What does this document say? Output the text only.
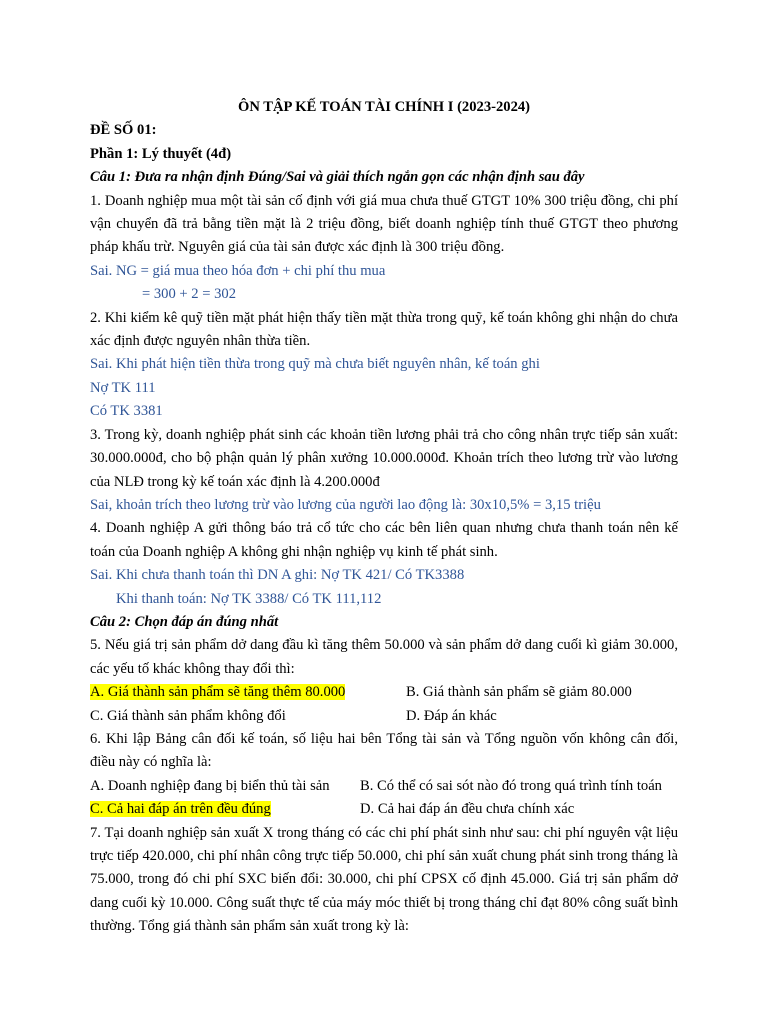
ÔN TẬP KẾ TOÁN TÀI CHÍNH I (2023-2024)

ĐỀ SỐ 01:

Phần 1: Lý thuyết (4đ)

Câu 1: Đưa ra nhận định Đúng/Sai và giải thích ngắn gọn các nhận định sau đây

1. Doanh nghiệp mua một tài sản cố định với giá mua chưa thuế GTGT 10% 300 triệu đồng, chi phí vận chuyển đã trả bằng tiền mặt là 2 triệu đồng, biết doanh nghiệp tính thuế GTGT theo phương pháp khấu trừ. Nguyên giá của tài sản được xác định là 300 triệu đồng.

Sai. NG = giá mua theo hóa đơn + chi phí thu mua

= 300 + 2 = 302

2. Khi kiểm kê quỹ tiền mặt phát hiện thấy tiền mặt thừa trong quỹ, kế toán không ghi nhận do chưa xác định được nguyên nhân thừa tiền.

Sai. Khi phát hiện tiền thừa trong quỹ mà chưa biết nguyên nhân, kế toán ghi

Nợ TK 111

Có TK 3381

3. Trong kỳ, doanh nghiệp phát sinh các khoản tiền lương phải trả cho công nhân trực tiếp sản xuất: 30.000.000đ, cho bộ phận quản lý phân xưởng 10.000.000đ. Khoản trích theo lương trừ vào lương của NLĐ trong kỳ kế toán xác định là 4.200.000đ

Sai, khoản trích theo lương trừ vào lương của người lao động là: 30x10,5% = 3,15 triệu

4. Doanh nghiệp A gửi thông báo trả cổ tức cho các bên liên quan nhưng chưa thanh toán nên kế toán của Doanh nghiệp A không ghi nhận nghiệp vụ kinh tế phát sinh.

Sai. Khi chưa thanh toán thì DN A ghi: Nợ TK 421/ Có TK3388

Khi thanh toán: Nợ TK 3388/ Có TK 111,112

Câu 2: Chọn đáp án đúng nhất

5. Nếu giá trị sản phẩm dở dang đầu kì tăng thêm 50.000 và sản phẩm dở dang cuối kì giảm 30.000, các yếu tố khác không thay đổi thì:

A. Giá thành sản phẩm sẽ tăng thêm 80.000	B. Giá thành sản phẩm sẽ giảm 80.000
C. Giá thành sản phẩm không đổi	D. Đáp án khác

6. Khi lập Bảng cân đối kế toán, số liệu hai bên Tổng tài sản và Tổng nguồn vốn không cân đối, điều này có nghĩa là:

A. Doanh nghiệp đang bị biển thủ tài sản	B. Có thể có sai sót nào đó trong quá trình tính toán
C. Cả hai đáp án trên đều đúng	D. Cả hai đáp án đều chưa chính xác

7. Tại doanh nghiệp sản xuất X trong tháng có các chi phí phát sinh như sau: chi phí nguyên vật liệu trực tiếp 420.000, chi phí nhân công trực tiếp 50.000, chi phí sản xuất chung phát sinh trong tháng là 75.000, trong đó chi phí SXC biến đổi: 30.000, chi phí CPSX cố định 45.000. Giá trị sản phẩm dở dang cuối kỳ 10.000. Công suất thực tế của máy móc thiết bị trong tháng chỉ đạt 80% công suất bình thường. Tổng giá thành sản phẩm sản xuất trong kỳ là:
